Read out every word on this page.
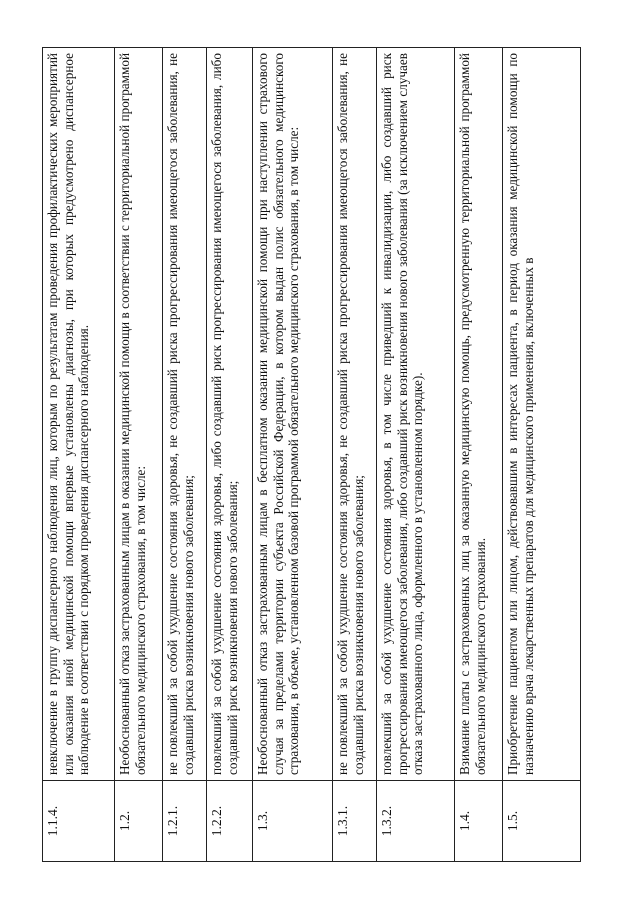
1.1.4.	невключение в группу диспансерного наблюдения лиц, которым по результатам проведения профилактических мероприятий или оказания иной медицинской помощи впервые установлены диагнозы, при которых предусмотрено диспансерное наблюдение в соответствии с порядком проведения диспансерного наблюдения.
1.2.	Необоснованный отказ застрахованным лицам в оказании медицинской помощи в соответствии с территориальной программой обязательного медицинского страхования, в том числе:
1.2.1.	не повлекший за собой ухудшение состояния здоровья, не создавший риска прогрессирования имеющегося заболевания, не создавший риска возникновения нового заболевания;
1.2.2.	повлекший за собой ухудшение состояния здоровья, либо создавший риск прогрессирования имеющегося заболевания, либо создавший риск возникновения нового заболевания;
1.3.	Необоснованный отказ застрахованным лицам в бесплатном оказании медицинской помощи при наступлении страхового случая за пределами территории субъекта Российской Федерации, в котором выдан полис обязательного медицинского страхования, в объеме, установленном базовой программой обязательного медицинского страхования, в том числе:
1.3.1.	не повлекший за собой ухудшение состояния здоровья, не создавший риска прогрессирования имеющегося заболевания, не создавший риска возникновения нового заболевания;
1.3.2.	повлекший за собой ухудшение состояния здоровья, в том числе приведший к инвалидизации, либо создавший риск прогрессирования имеющегося заболевания, либо создавший риск возникновения нового заболевания (за исключением случаев отказа застрахованного лица, оформленного в установленном порядке).
1.4.	Взимание платы с застрахованных лиц за оказанную медицинскую помощь, предусмотренную территориальной программой обязательного медицинского страхования.
1.5.	Приобретение пациентом или лицом, действовавшим в интересах пациента, в период оказания медицинской помощи по назначению врача лекарственных препаратов для медицинского применения, включенных в
